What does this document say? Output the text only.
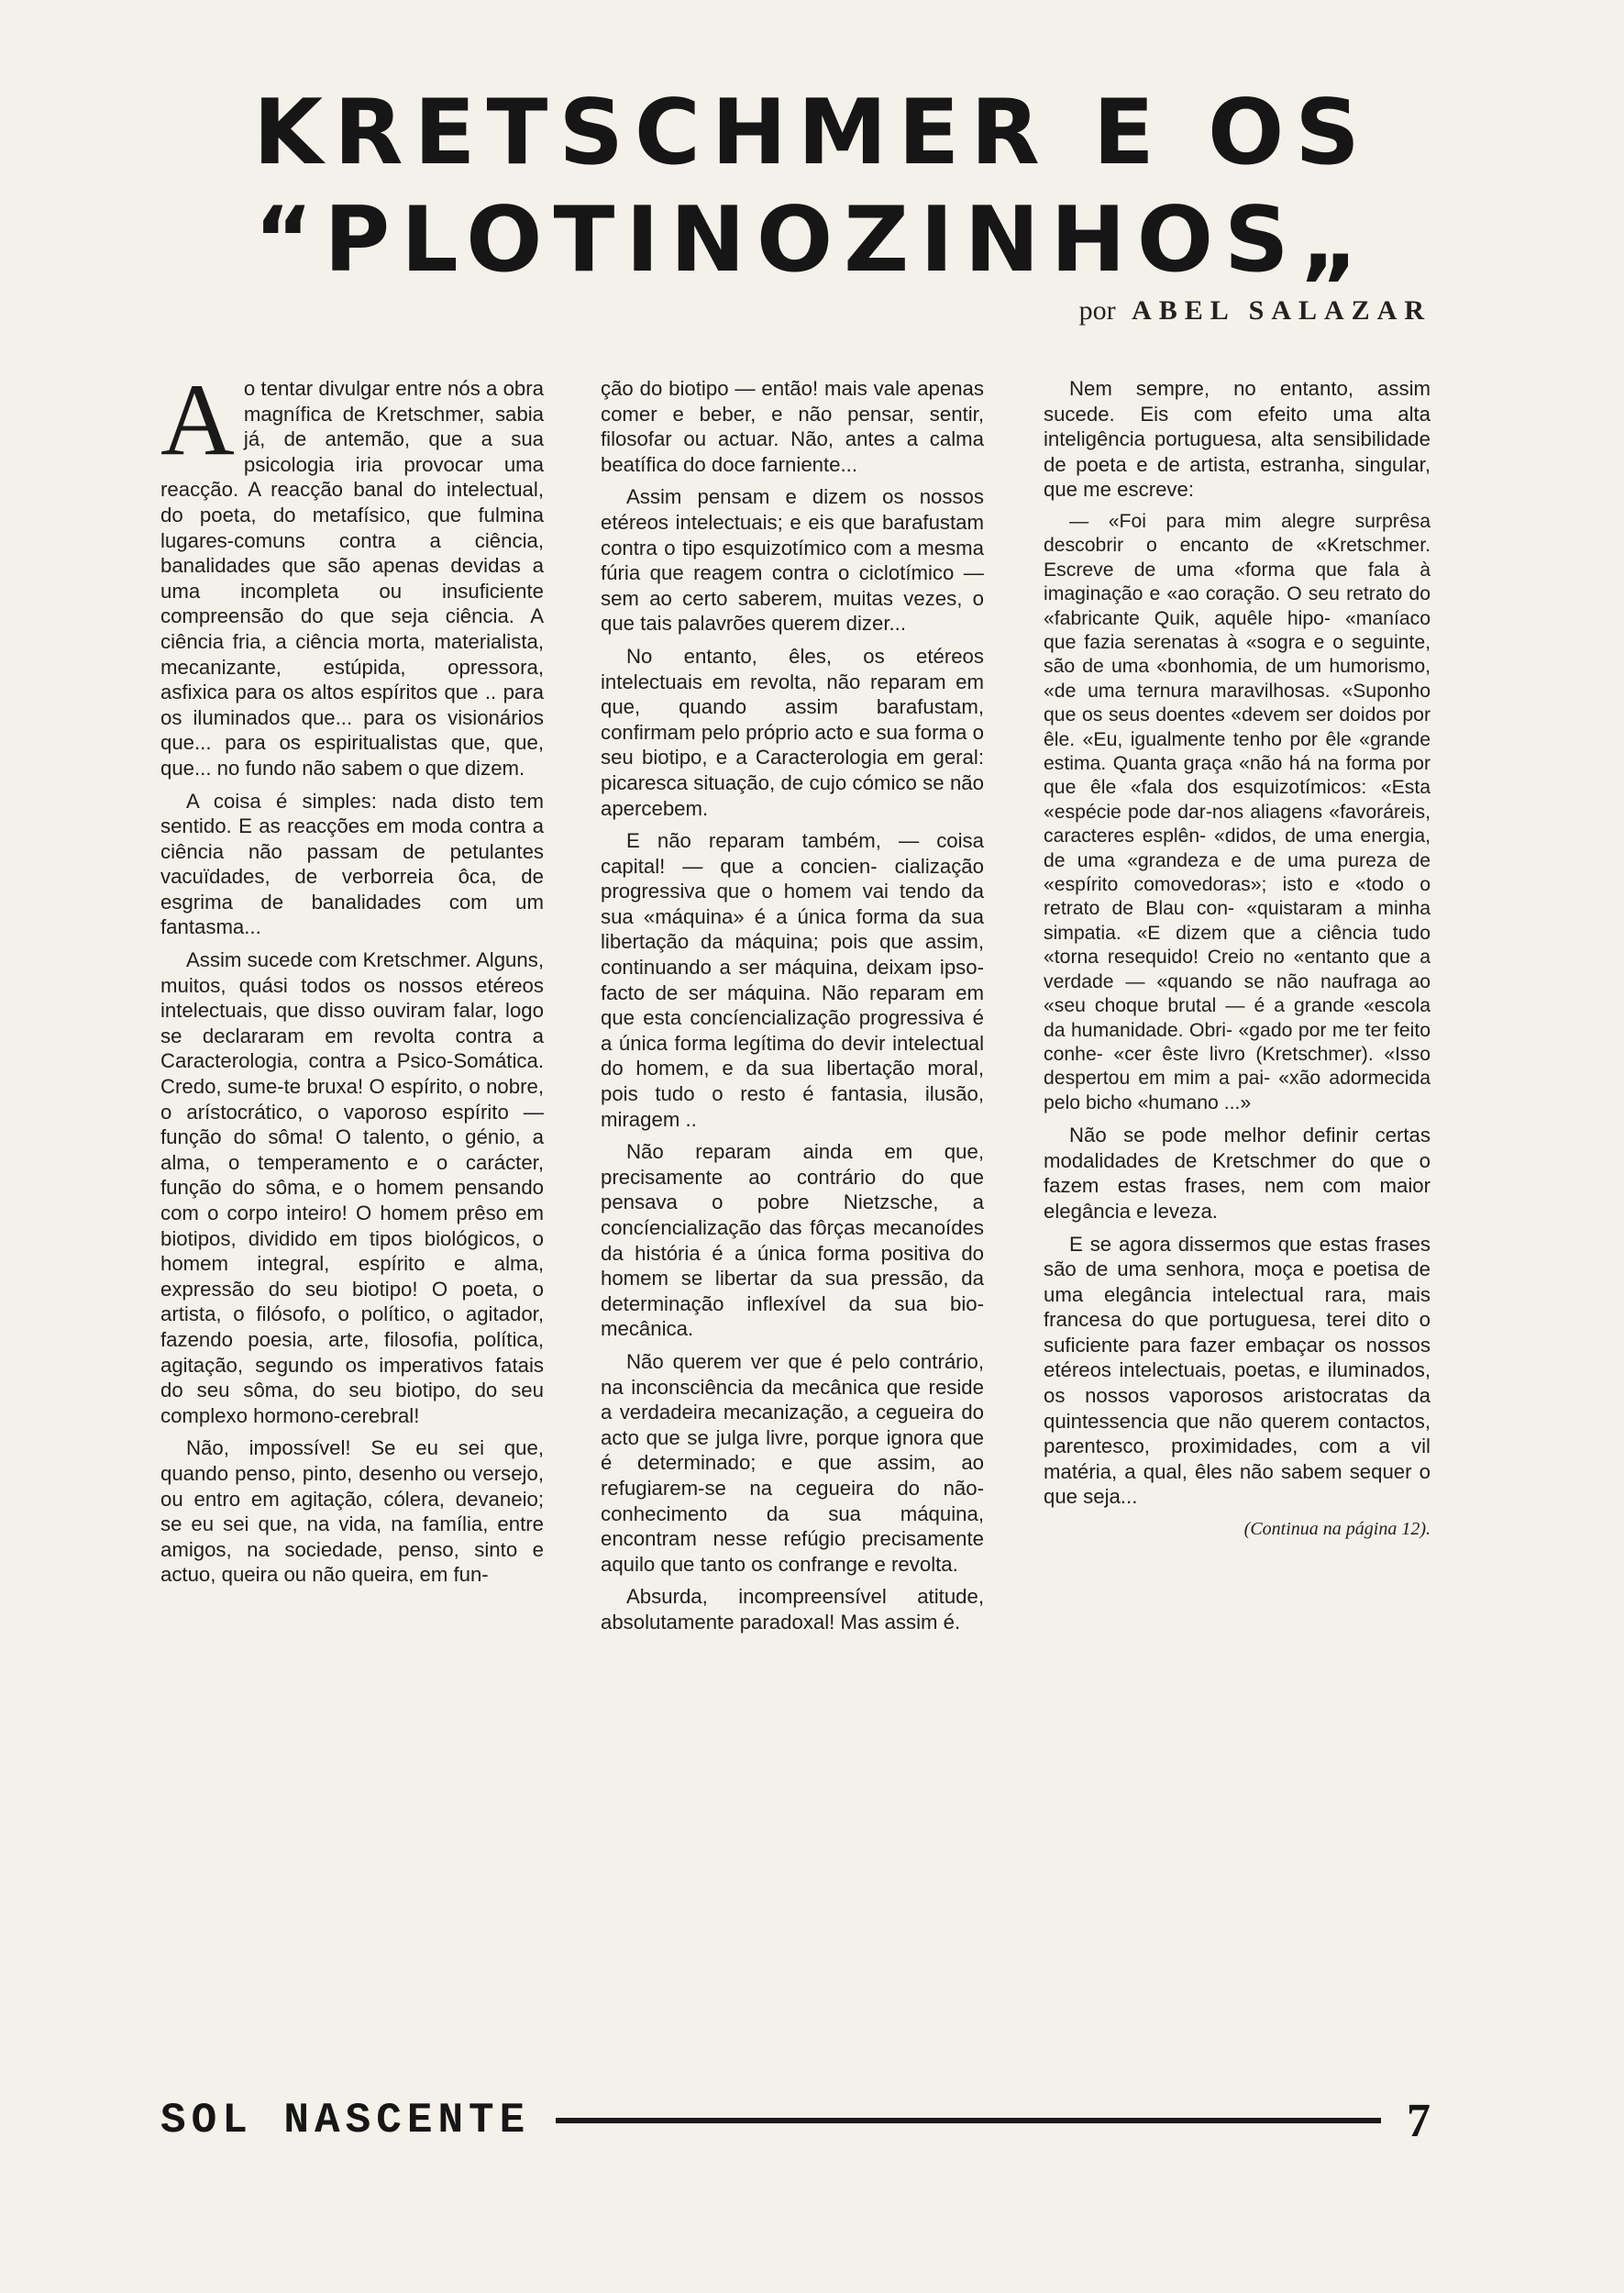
KRETSCHMER E OS
“PLOTINOZINHOS„
por ABEL SALAZAR

Ao tentar divulgar entre nós a obra magnífica de Kretschmer, sabia já, de antemão, que a sua psicologia iria provocar uma reacção. A reacção banal do intelectual, do poeta, do metafísico, que fulmina lugares-comuns contra a ciência, banalidades que são apenas devidas a uma incompleta ou insuficiente compreensão do que seja ciência. A ciência fria, a ciência morta, materialista, mecanizante, estúpida, opressora, asfixica para os altos espíritos que .. para os iluminados que... para os visionários que... para os espiritualistas que, que, que... no fundo não sabem o que dizem.

A coisa é simples: nada disto tem sentido. E as reacções em moda contra a ciência não passam de petulantes vacuïdades, de verborreia ôca, de esgrima de banalidades com um fantasma...

Assim sucede com Kretschmer. Alguns, muitos, quási todos os nossos etéreos intelectuais, que disso ouviram falar, logo se declararam em revolta contra a Caracterologia, contra a Psico-Somática. Credo, sume-te bruxa! O espírito, o nobre, o arístocrático, o vaporoso espírito — função do sôma! O talento, o génio, a alma, o temperamento e o carácter, função do sôma, e o homem pensando com o corpo inteiro! O homem prêso em biotipos, dividido em tipos biológicos, o homem integral, espírito e alma, expressão do seu biotipo! O poeta, o artista, o filósofo, o político, o agitador, fazendo poesia, arte, filosofia, política, agitação, segundo os imperativos fatais do seu sôma, do seu biotipo, do seu complexo hormono-cerebral!

Não, impossível! Se eu sei que, quando penso, pinto, desenho ou versejo, ou entro em agitação, cólera, devaneio; se eu sei que, na vida, na família, entre amigos, na sociedade, penso, sinto e actuo, queira ou não queira, em fun-

ção do biotipo — então! mais vale apenas comer e beber, e não pensar, sentir, filosofar ou actuar. Não, antes a calma beatífica do doce farniente...

Assim pensam e dizem os nossos etéreos intelectuais; e eis que barafustam contra o tipo esquizotímico com a mesma fúria que reagem contra o ciclotímico — sem ao certo saberem, muitas vezes, o que tais palavrões querem dizer...

No entanto, êles, os etéreos intelectuais em revolta, não reparam em que, quando assim barafustam, confirmam pelo próprio acto e sua forma o seu biotipo, e a Caracterologia em geral: picaresca situação, de cujo cómico se não apercebem.

E não reparam também, — coisa capital! — que a concien- cialização progressiva que o homem vai tendo da sua «máquina» é a única forma da sua libertação da máquina; pois que assim, continuando a ser máquina, deixam ipso-facto de ser máquina. Não reparam em que esta concíencialização progressiva é a única forma legítima do devir intelectual do homem, e da sua libertação moral, pois tudo o resto é fantasia, ilusão, miragem ..

Não reparam ainda em que, precisamente ao contrário do que pensava o pobre Nietzsche, a concíencialização das fôrças mecanoídes da história é a única forma positiva do homem se libertar da sua pressão, da determinação inflexível da sua bio-mecânica.

Não querem ver que é pelo contrário, na inconsciência da mecânica que reside a verdadeira mecanização, a cegueira do acto que se julga livre, porque ignora que é determinado; e que assim, ao refugiarem-se na cegueira do não-conhecimento da sua máquina, encontram nesse refúgio precisamente aquilo que tanto os confrange e revolta.

Absurda, incompreensível atitude, absolutamente paradoxal! Mas assim é.

Nem sempre, no entanto, assim sucede. Eis com efeito uma alta inteligência portuguesa, alta sensibilidade de poeta e de artista, estranha, singular, que me escreve:

— «Foi para mim alegre surprêsa descobrir o encanto de «Kretschmer. Escreve de uma «forma que fala à imaginação e «ao coração. O seu retrato do «fabricante Quik, aquêle hipo- «maníaco que fazia serenatas à «sogra e o seguinte, são de uma «bonhomia, de um humorismo, «de uma ternura maravilhosas. «Suponho que os seus doentes «devem ser doidos por êle. «Eu, igualmente tenho por êle «grande estima. Quanta graça «não há na forma por que êle «fala dos esquizotímicos: «Esta «espécie pode dar-nos aliagens «favoráreis, caracteres esplên- «didos, de uma energia, de uma «grandeza e de uma pureza de «espírito comovedoras»; isto e «todo o retrato de Blau con- «quistaram a minha simpatia. «E dizem que a ciência tudo «torna resequido! Creio no «entanto que a verdade — «quando se não naufraga ao «seu choque brutal — é a grande «escola da humanidade. Obri- «gado por me ter feito conhe- «cer êste livro (Kretschmer). «Isso despertou em mim a pai- «xão adormecida pelo bicho «humano ...»

Não se pode melhor definir certas modalidades de Kretschmer do que o fazem estas frases, nem com maior elegância e leveza.

E se agora dissermos que estas frases são de uma senhora, moça e poetisa de uma elegância intelectual rara, mais francesa do que portuguesa, terei dito o suficiente para fazer embaçar os nossos etéreos intelectuais, poetas, e iluminados, os nossos vaporosos aristocratas da quintessencia que não querem contactos, parentesco, proximidades, com a vil matéria, a qual, êles não sabem sequer o que seja...

(Continua na página 12).

SOL NASCENTE	7
